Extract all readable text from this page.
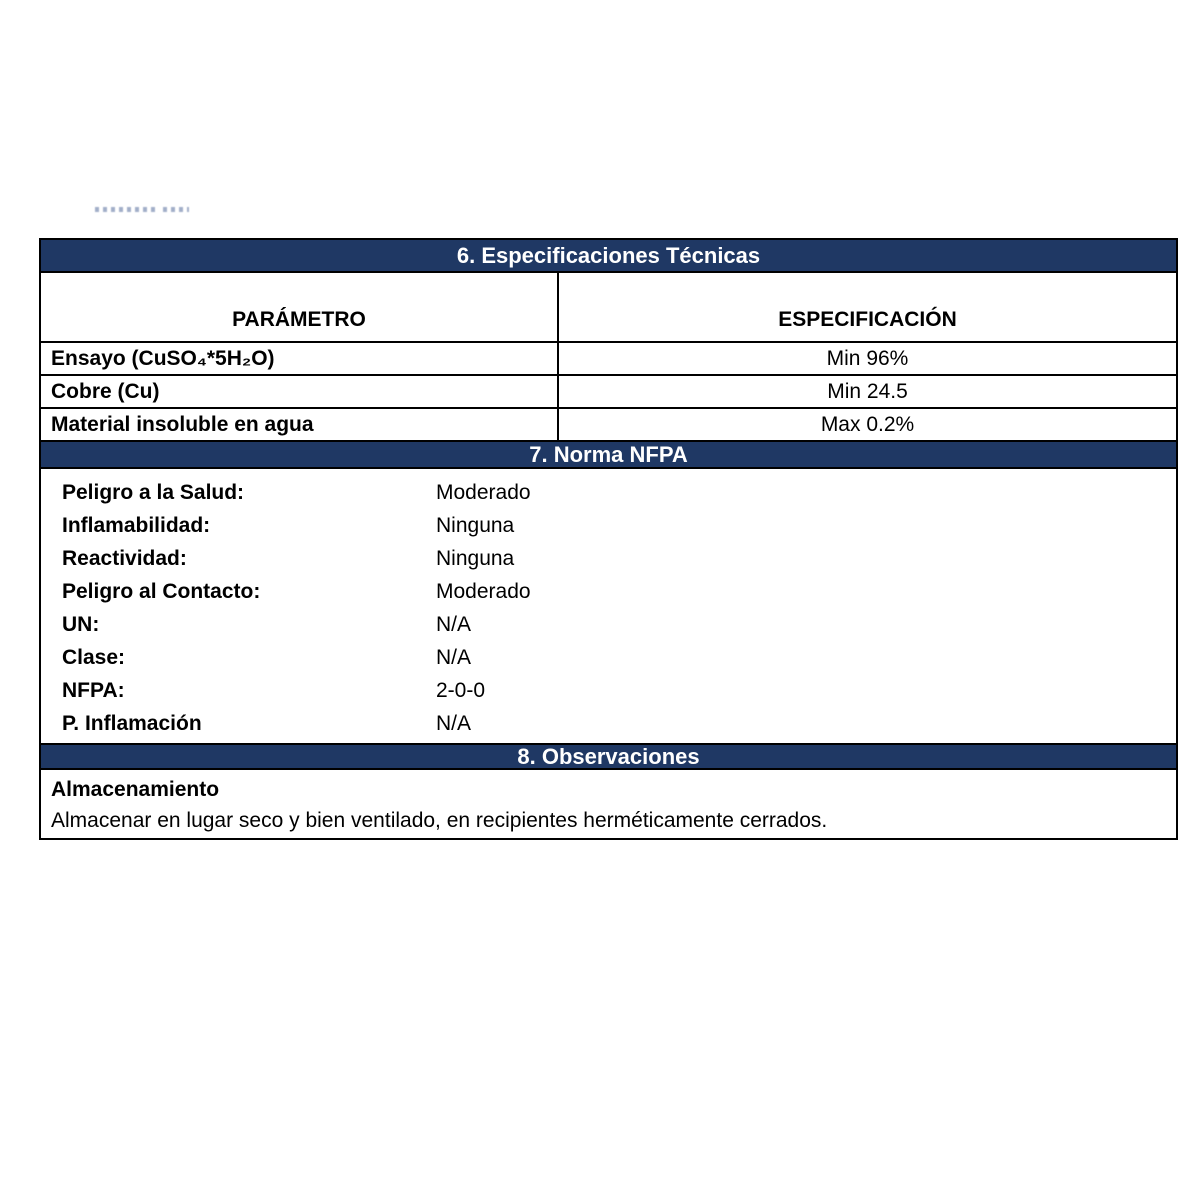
6. Especificaciones Técnicas
PARÁMETRO	ESPECIFICACIÓN
Ensayo (CuSO₄*5H₂O)	Min 96%
Cobre (Cu)	Min 24.5
Material insoluble en agua	Max 0.2%
7. Norma NFPA
Peligro a la Salud:	Moderado
Inflamabilidad:	Ninguna
Reactividad:	Ninguna
Peligro al Contacto:	Moderado
UN:	N/A
Clase:	N/A
NFPA:	2-0-0
P. Inflamación	N/A
8. Observaciones
Almacenamiento
Almacenar en lugar seco y bien ventilado, en recipientes herméticamente cerrados.
